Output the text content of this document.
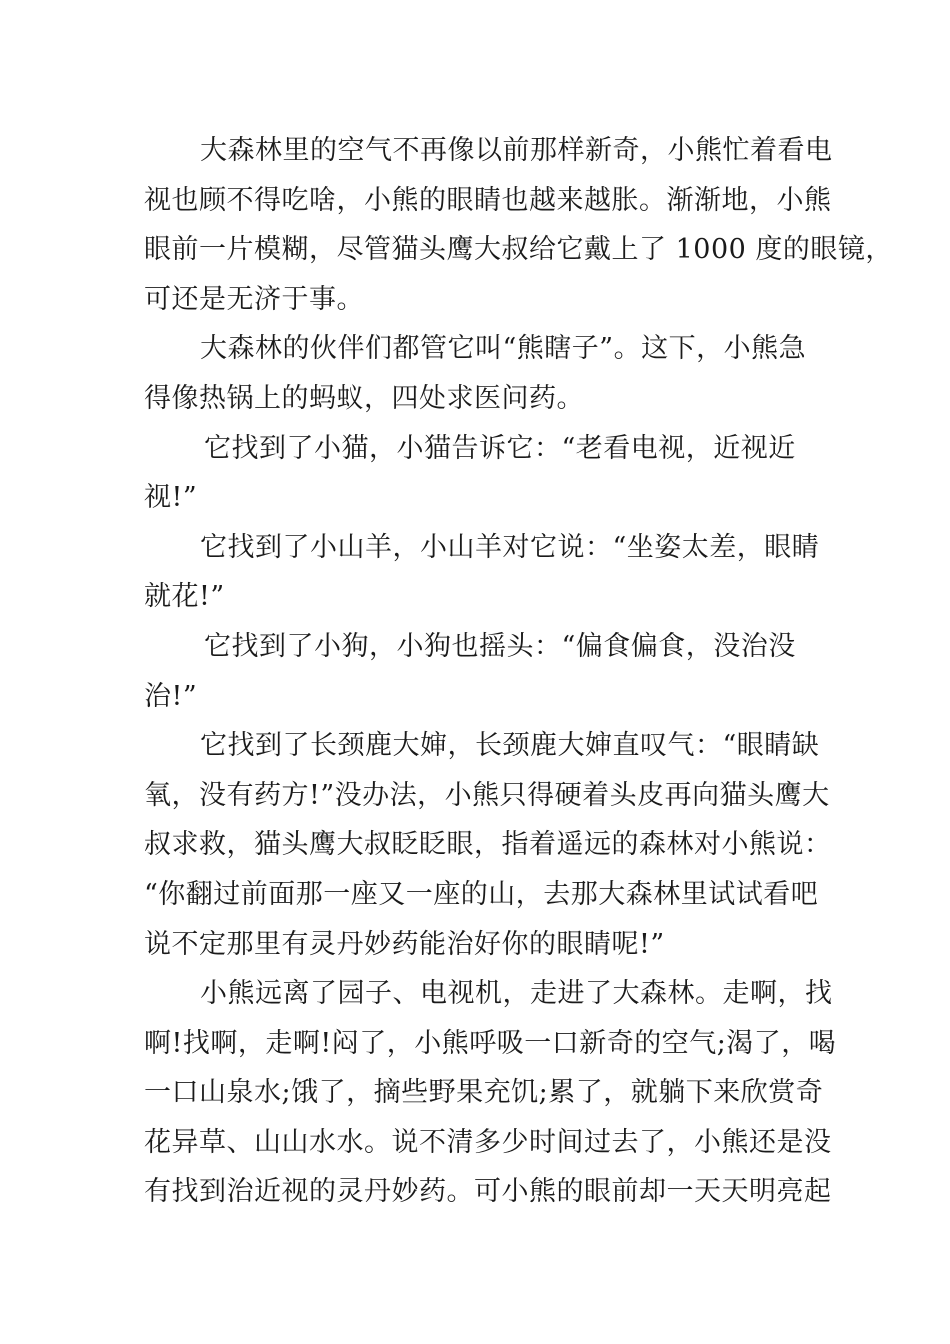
大森林里的空气不再像以前那样新奇，小熊忙着看电
视也顾不得吃啥，小熊的眼睛也越来越胀。渐渐地，小熊
眼前一片模糊，尽管猫头鹰大叔给它戴上了 1000 度的眼镜，
可还是无济于事。
大森林的伙伴们都管它叫“熊瞎子”。这下，小熊急
得像热锅上的蚂蚁，四处求医问药。
它找到了小猫，小猫告诉它：“老看电视，近视近
视!”
它找到了小山羊，小山羊对它说：“坐姿太差，眼睛
就花!”
它找到了小狗，小狗也摇头：“偏食偏食，没治没
治!”
它找到了长颈鹿大婶，长颈鹿大婶直叹气：“眼睛缺
氧，没有药方!”没办法，小熊只得硬着头皮再向猫头鹰大
叔求救，猫头鹰大叔眨眨眼，指着遥远的森林对小熊说：
“你翻过前面那一座又一座的山，去那大森林里试试看吧
说不定那里有灵丹妙药能治好你的眼睛呢!”
小熊远离了园子、电视机，走进了大森林。走啊，找
啊!找啊，走啊!闷了，小熊呼吸一口新奇的空气;渴了，喝
一口山泉水;饿了，摘些野果充饥;累了，就躺下来欣赏奇
花异草、山山水水。说不清多少时间过去了，小熊还是没
有找到治近视的灵丹妙药。可小熊的眼前却一天天明亮起
